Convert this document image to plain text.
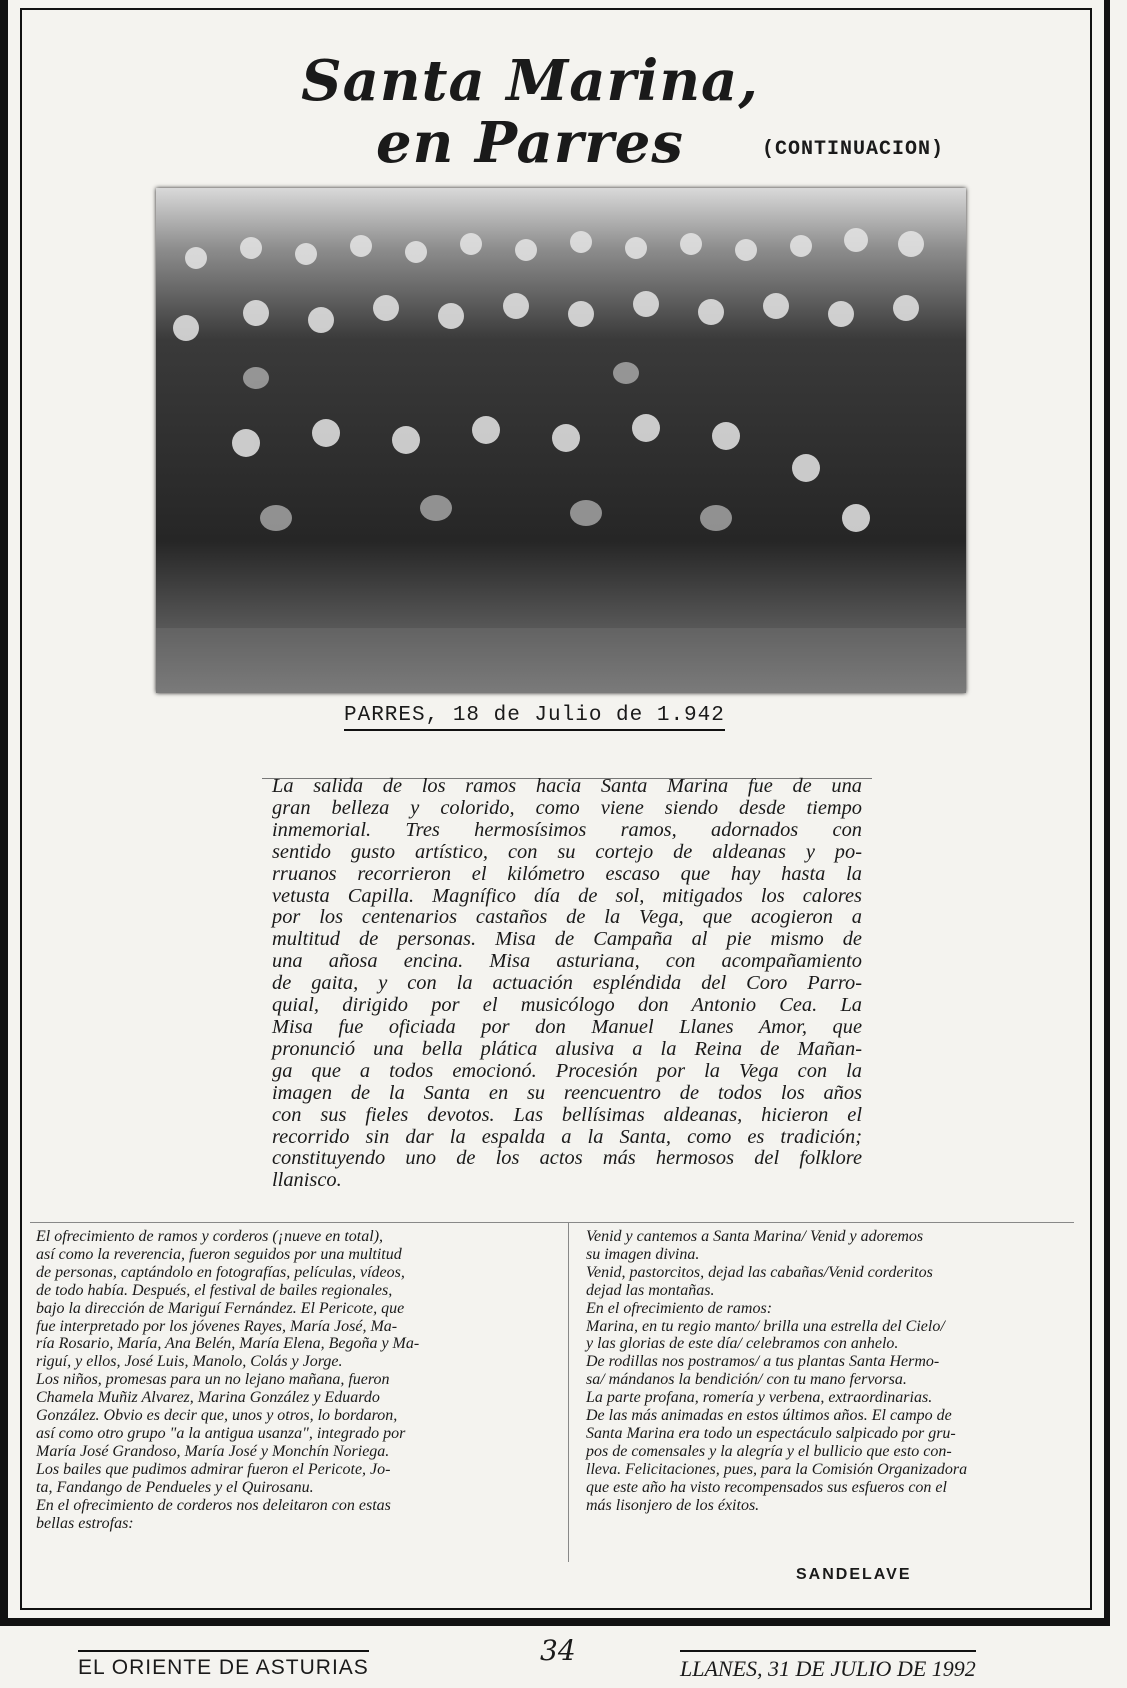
Santa Marina,
en Parres	(CONTINUACION)
PARRES, 18 de Julio de 1.942
La salida de los ramos hacia Santa Marina fue de una
gran belleza y colorido, como viene siendo desde tiempo
inmemorial. Tres hermosísimos ramos, adornados con
sentido gusto artístico, con su cortejo de aldeanas y po-
rruanos recorrieron el kilómetro escaso que hay hasta la
vetusta Capilla. Magnífico día de sol, mitigados los calores
por los centenarios castaños de la Vega, que acogieron a
multitud de personas. Misa de Campaña al pie mismo de
una añosa encina. Misa asturiana, con acompañamiento
de gaita, y con la actuación espléndida del Coro Parro-
quial, dirigido por el musicólogo don Antonio Cea. La
Misa fue oficiada por don Manuel Llanes Amor, que
pronunció una bella plática alusiva a la Reina de Mañan-
ga que a todos emocionó. Procesión por la Vega con la
imagen de la Santa en su reencuentro de todos los años
con sus fieles devotos. Las bellísimas aldeanas, hicieron el
recorrido sin dar la espalda a la Santa, como es tradición;
constituyendo uno de los actos más hermosos del folklore
llanisco.
El ofrecimiento de ramos y corderos (¡nueve en total),
así como la reverencia, fueron seguidos por una multitud
de personas, captándolo en fotografías, películas, vídeos,
de todo había. Después, el festival de bailes regionales,
bajo la dirección de Mariguí Fernández. El Pericote, que
fue interpretado por los jóvenes Rayes, María José, Ma-
ría Rosario, María, Ana Belén, María Elena, Begoña y Ma-
riguí, y ellos, José Luis, Manolo, Colás y Jorge.
Los niños, promesas para un no lejano mañana, fueron
Chamela Muñiz Alvarez, Marina González y Eduardo
González. Obvio es decir que, unos y otros, lo bordaron,
así como otro grupo "a la antigua usanza", integrado por
María José Grandoso, María José y Monchín Noriega.
Los bailes que pudimos admirar fueron el Pericote, Jo-
ta, Fandango de Pendueles y el Quirosanu.
En el ofrecimiento de corderos nos deleitaron con estas
bellas estrofas:
Venid y cantemos a Santa Marina/ Venid y adoremos
su imagen divina.
Venid, pastorcitos, dejad las cabañas/Venid corderitos
dejad las montañas.
En el ofrecimiento de ramos:
Marina, en tu regio manto/ brilla una estrella del Cielo/
y las glorias de este día/ celebramos con anhelo.
De rodillas nos postramos/ a tus plantas Santa Hermo-
sa/ mándanos la bendición/ con tu mano fervorsa.
La parte profana, romería y verbena, extraordinarias.
De las más animadas en estos últimos años. El campo de
Santa Marina era todo un espectáculo salpicado por gru-
pos de comensales y la alegría y el bullicio que esto con-
lleva. Felicitaciones, pues, para la Comisión Organizadora
que este año ha visto recompensados sus esfueros con el
más lisonjero de los éxitos.
SANDELAVE
EL ORIENTE DE ASTURIAS
34
LLANES, 31 DE JULIO DE 1992
